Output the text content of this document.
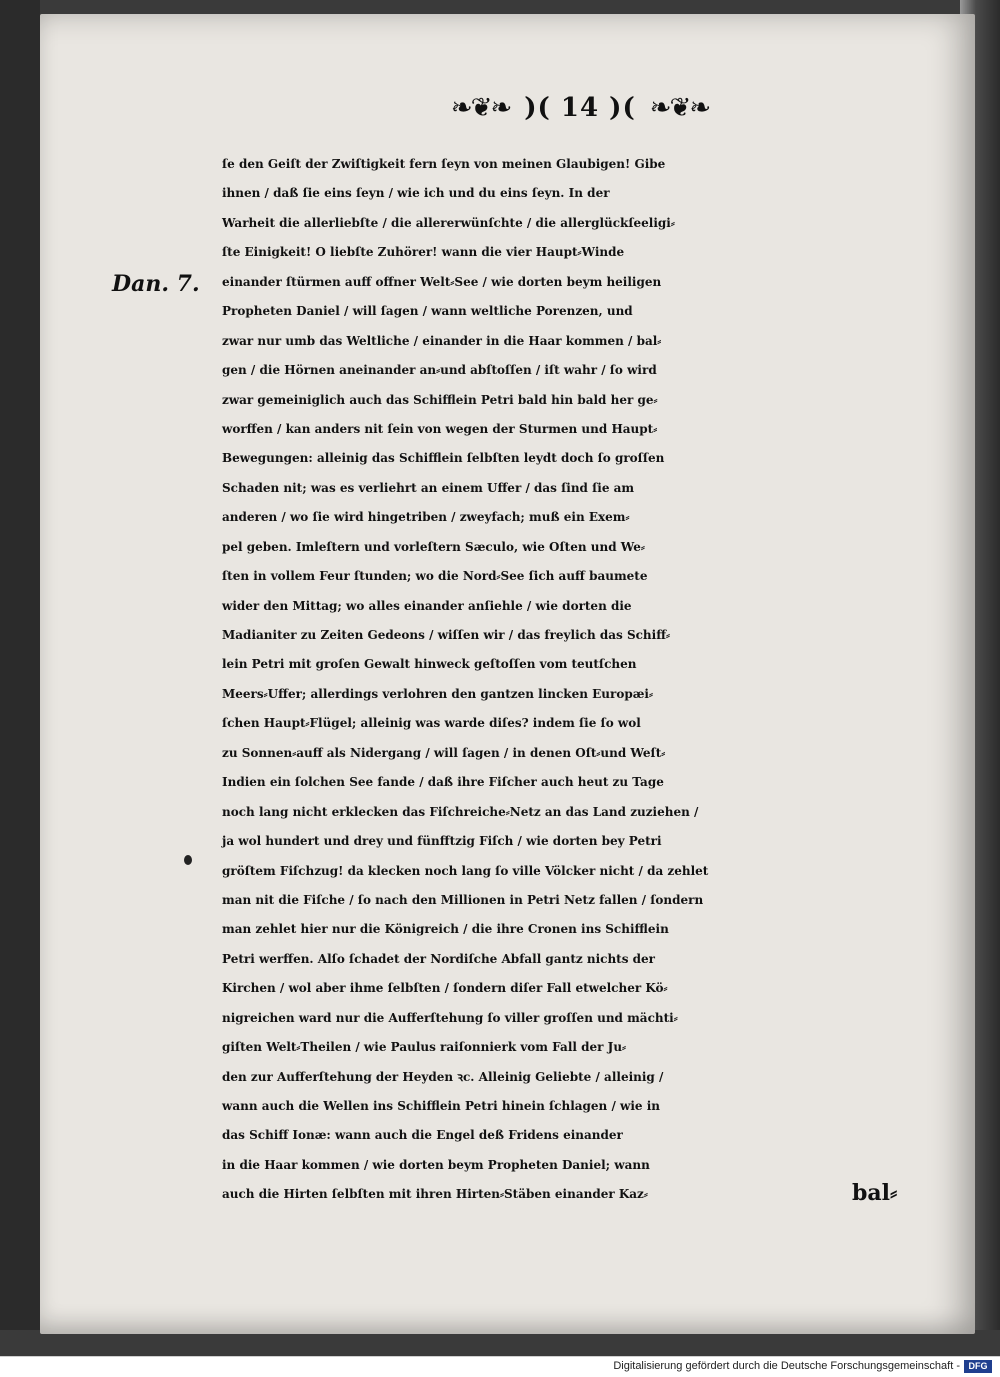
❧❦❧ )( 14 )( ❧❦❧
Dan. 7.
ſe den Geiſt der Zwiſtigkeit fern ſeyn von meinen Glaubigen! Gibe
ihnen / daß ſie eins ſeyn / wie ich und du eins ſeyn. In der
Warheit die allerliebſte / die allererwünſchte / die allerglückſeeligi⸗
ſte Einigkeit! O liebſte Zuhörer! wann die vier Haupt⸗Winde
einander ſtürmen auff offner Welt⸗See / wie dorten beym heiligen
Propheten Daniel / will ſagen / wann weltliche Porenzen, und
zwar nur umb das Weltliche / einander in die Haar kommen / bal⸗
gen / die Hörnen aneinander an⸗und abſtoſſen / iſt wahr / ſo wird
zwar gemeiniglich auch das Schifflein Petri bald hin bald her ge⸗
worffen / kan anders nit ſein von wegen der Sturmen und Haupt⸗
Bewegungen: alleinig das Schifflein ſelbſten leydt doch ſo groſſen
Schaden nit; was es verliehrt an einem Uffer / das ſind ſie am
anderen / wo ſie wird hingetriben / zweyfach; muß ein Exem⸗
pel geben. Imleſtern und vorleſtern Sæculo, wie Oſten und We⸗
ſten in vollem Feur ſtunden; wo die Nord⸗See ſich auff baumete
wider den Mittag; wo alles einander anſiehle / wie dorten die
Madianiter zu Zeiten Gedeons / wiſſen wir / das freylich das Schiff⸗
lein Petri mit groſen Gewalt hinweck geſtoſſen vom teutſchen
Meers⸗Uffer; allerdings verlohren den gantzen lincken Europæi⸗
ſchen Haupt⸗Flügel; alleinig was warde diſes? indem ſie ſo wol
zu Sonnen⸗auff als Nidergang / will ſagen / in denen Oſt⸗und Weſt⸗
Indien ein ſolchen See fande / daß ihre Fiſcher auch heut zu Tage
noch lang nicht erklecken das Fiſchreiche⸗Netz an das Land zuziehen /
ja wol hundert und drey und fünfftzig Fiſch / wie dorten bey Petri
gröſtem Fiſchzug! da klecken noch lang ſo ville Völcker nicht / da zehlet
man nit die Fiſche / ſo nach den Millionen in Petri Netz fallen / ſondern
man zehlet hier nur die Königreich / die ihre Cronen ins Schifflein
Petri werffen. Alſo ſchadet der Nordiſche Abfall gantz nichts der
Kirchen / wol aber ihme ſelbſten / ſondern diſer Fall etwelcher Kö⸗
nigreichen ward nur die Aufferſtehung ſo viller groſſen und mächti⸗
giſten Welt⸗Theilen / wie Paulus raiſonnierk vom Fall der Ju⸗
den zur Aufferſtehung der Heyden ꝛc. Alleinig Geliebte / alleinig /
wann auch die Wellen ins Schifflein Petri hinein ſchlagen / wie in
das Schiff Ionæ: wann auch die Engel deß Fridens einander
in die Haar kommen / wie dorten beym Propheten Daniel; wann
auch die Hirten ſelbſten mit ihren Hirten⸗Stäben einander Kaz⸗	bal⸗
Digitalisierung gefördert durch die Deutsche Forschungsgemeinschaft - DFG
